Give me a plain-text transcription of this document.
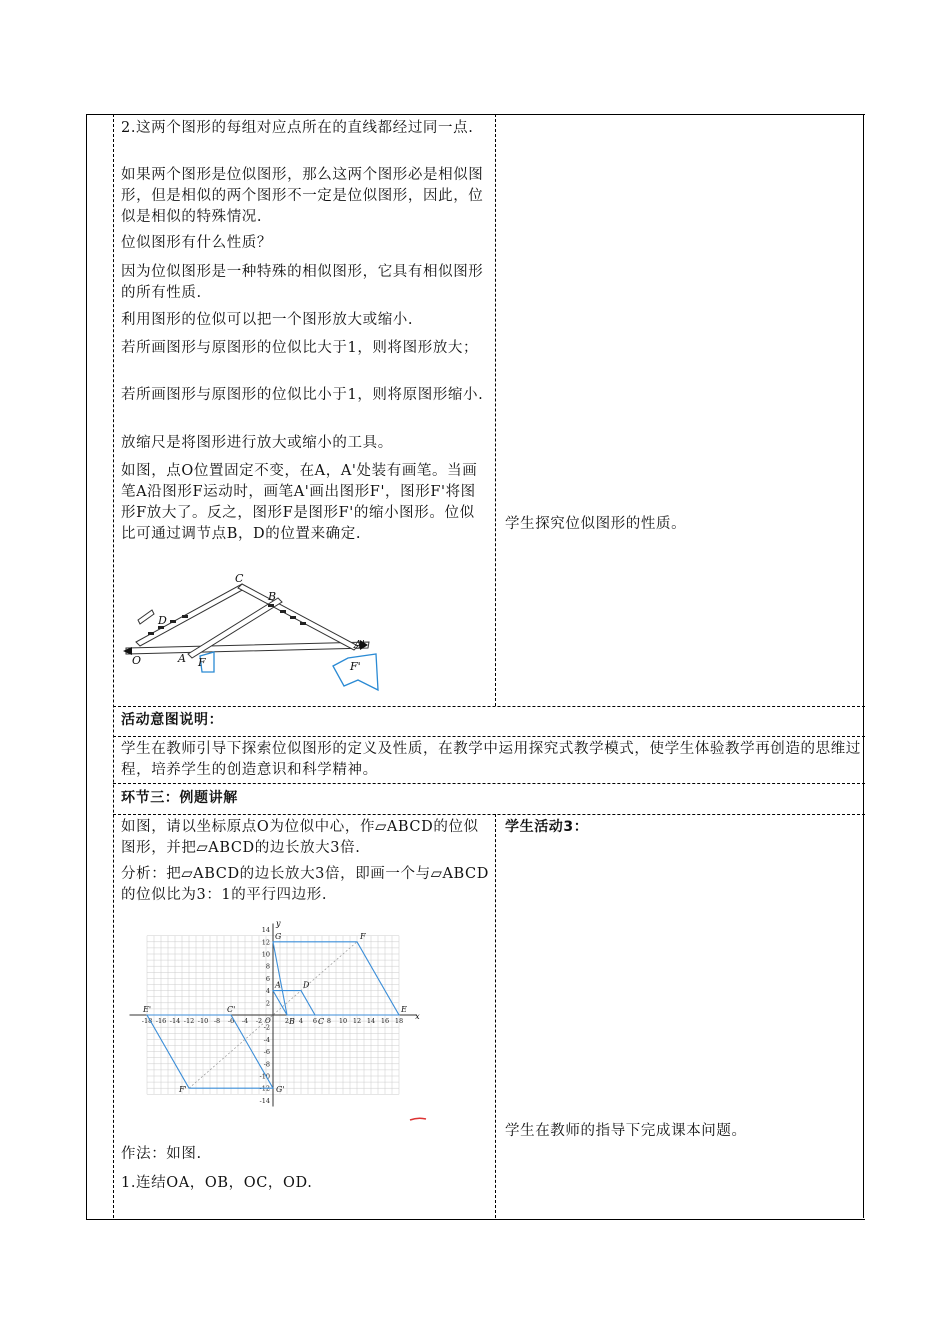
2.这两个图形的每组对应点所在的直线都经过同一点.

如果两个图形是位似图形，那么这两个图形必是相似图形，但是相似的两个图形不一定是位似图形，因此，位似是相似的特殊情况.

位似图形有什么性质？

因为位似图形是一种特殊的相似图形，它具有相似图形的所有性质.

利用图形的位似可以把一个图形放大或缩小.

若所画图形与原图形的位似比大于1，则将图形放大；

若所画图形与原图形的位似比小于1，则将原图形缩小.

放缩尺是将图形进行放大或缩小的工具。

如图，点O位置固定不变，在A，A'处装有画笔。当画笔A沿图形F运动时，画笔A'画出图形F'，图形F'将图形F放大了。反之，图形F是图形F'的缩小图形。位似比可通过调节点B，D的位置来确定.

O	A
A'
B
C
D
F	F'

学生探究位似图形的性质。

活动意图说明：

学生在教师引导下探索位似图形的定义及性质，在教学中运用探究式教学模式，使学生体验教学再创造的思维过程，培养学生的创造意识和科学精神。

环节三：例题讲解

如图，请以坐标原点O为位似中心，作▱ABCD的位似图形，并把▱ABCD的边长放大3倍.

分析：把▱ABCD的边长放大3倍，即画一个与▱ABCD的位似比为3：1的平行四边形.

x
y
O
-18 -16 -14 -12 -10 -8 -6 -4 -2	2 4 6 8 10 12 14 16 18
-14
-12
-10
-8
-6
-4
-2
2
4
6
8
10
12
14
A
B	C
D
G	F
E
E'
F'	G'
C'

作法：如图.

1.连结OA，OB，OC，OD.

学生活动3：

学生在教师的指导下完成课本问题。
